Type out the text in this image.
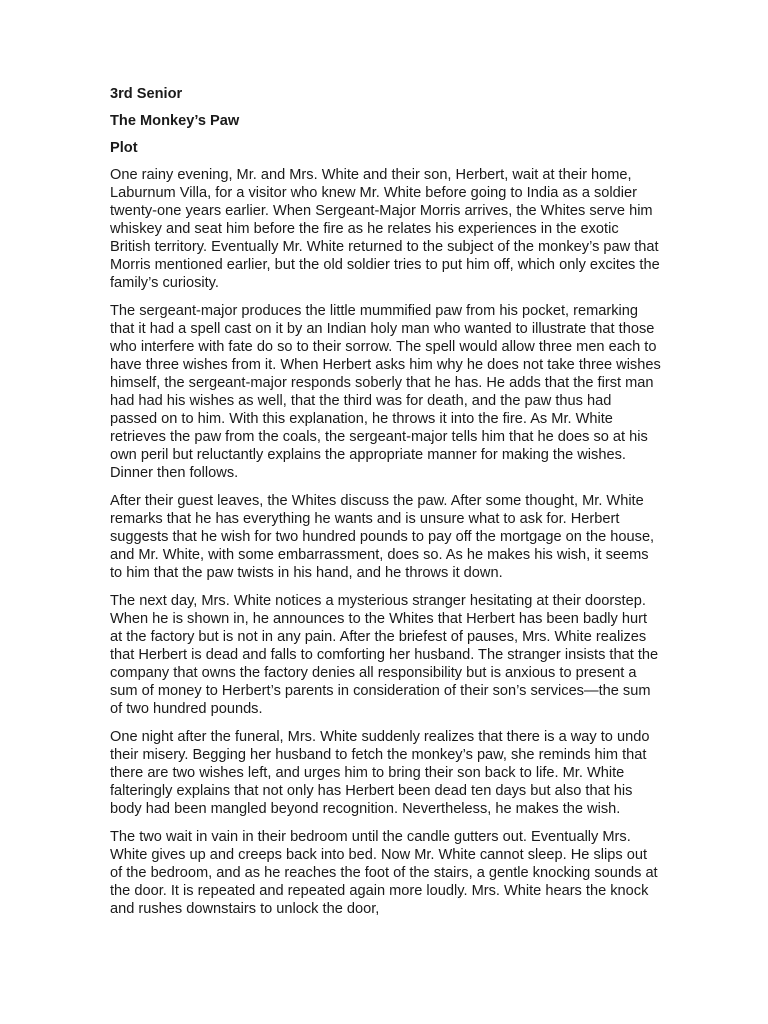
3rd Senior
The Monkey’s Paw
Plot

One rainy evening, Mr. and Mrs. White and their son, Herbert, wait at their home, Laburnum Villa, for a visitor who knew Mr. White before going to India as a soldier twenty-one years earlier. When Sergeant-Major Morris arrives, the Whites serve him whiskey and seat him before the fire as he relates his experiences in the exotic British territory. Eventually Mr. White returned to the subject of the monkey’s paw that Morris mentioned earlier, but the old soldier tries to put him off, which only excites the family’s curiosity.

The sergeant-major produces the little mummified paw from his pocket, remarking that it had a spell cast on it by an Indian holy man who wanted to illustrate that those who interfere with fate do so to their sorrow. The spell would allow three men each to have three wishes from it. When Herbert asks him why he does not take three wishes himself, the sergeant-major responds soberly that he has. He adds that the first man had had his wishes as well, that the third was for death, and the paw thus had passed on to him. With this explanation, he throws it into the fire. As Mr. White retrieves the paw from the coals, the sergeant-major tells him that he does so at his own peril but reluctantly explains the appropriate manner for making the wishes. Dinner then follows.

After their guest leaves, the Whites discuss the paw. After some thought, Mr. White remarks that he has everything he wants and is unsure what to ask for. Herbert suggests that he wish for two hundred pounds to pay off the mortgage on the house, and Mr. White, with some embarrassment, does so. As he makes his wish, it seems to him that the paw twists in his hand, and he throws it down.

The next day, Mrs. White notices a mysterious stranger hesitating at their doorstep. When he is shown in, he announces to the Whites that Herbert has been badly hurt at the factory but is not in any pain. After the briefest of pauses, Mrs. White realizes that Herbert is dead and falls to comforting her husband. The stranger insists that the company that owns the factory denies all responsibility but is anxious to present a sum of money to Herbert’s parents in consideration of their son’s services—the sum of two hundred pounds.

One night after the funeral, Mrs. White suddenly realizes that there is a way to undo their misery. Begging her husband to fetch the monkey’s paw, she reminds him that there are two wishes left, and urges him to bring their son back to life. Mr. White falteringly explains that not only has Herbert been dead ten days but also that his body had been mangled beyond recognition. Nevertheless, he makes the wish.

The two wait in vain in their bedroom until the candle gutters out. Eventually Mrs. White gives up and creeps back into bed. Now Mr. White cannot sleep. He slips out of the bedroom, and as he reaches the foot of the stairs, a gentle knocking sounds at the door. It is repeated and repeated again more loudly. Mrs. White hears the knock and rushes downstairs to unlock the door,
